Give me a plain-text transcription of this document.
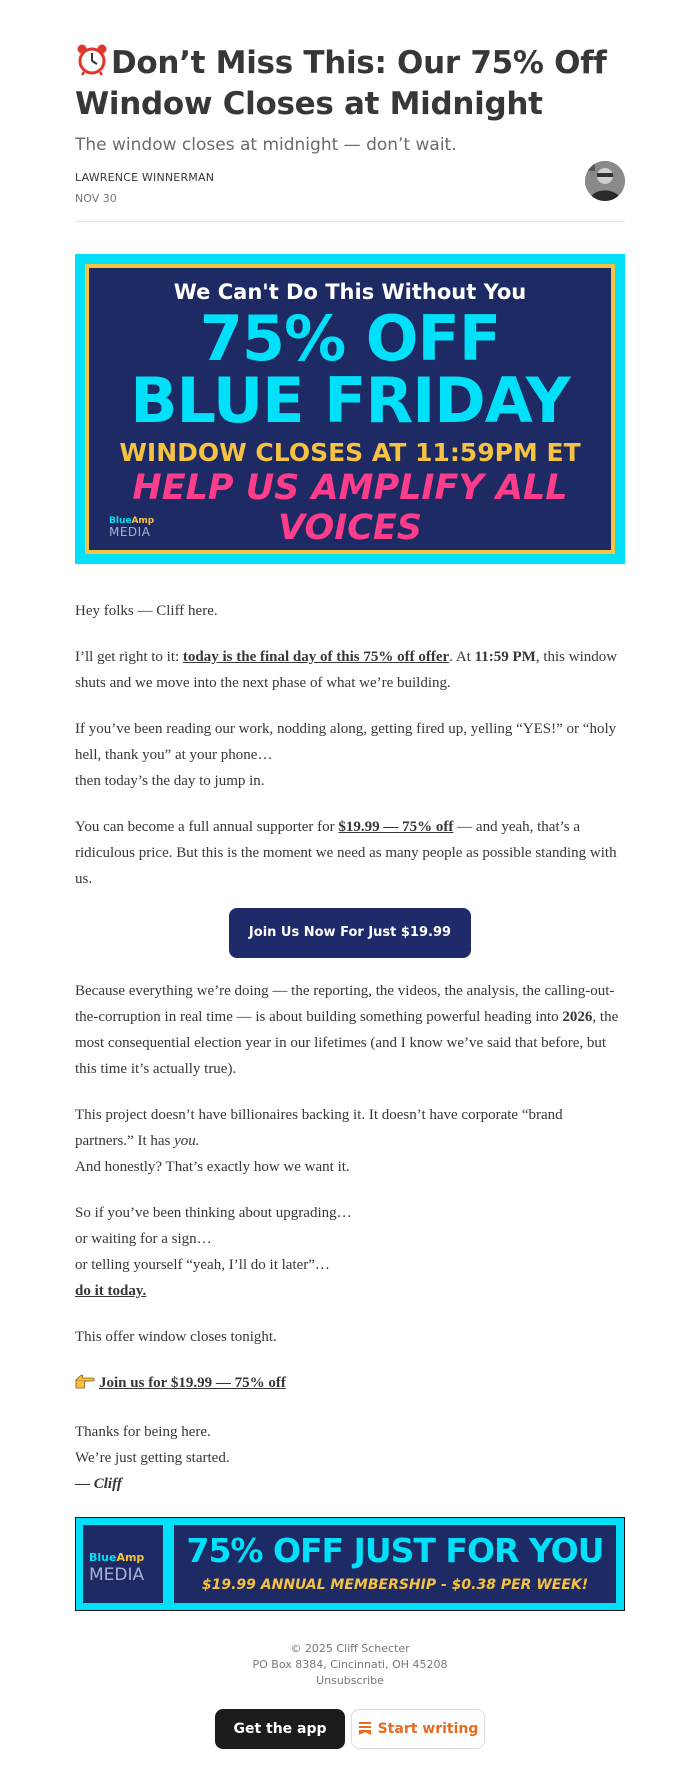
Don’t Miss This: Our 75% Off Window Closes at Midnight

The window closes at midnight — don’t wait.

LAWRENCE WINNERMAN
NOV 30
We Can't Do This Without You
75% OFF
BLUE FRIDAY
WINDOW CLOSES AT 11:59PM ET
HELP US AMPLIFY ALL VOICES
BlueAmp
MEDIA

Hey folks — Cliff here.

I’ll get right to it: today is the final day of this 75% off offer. At 11:59 PM, this window shuts and we move into the next phase of what we’re building.

If you’ve been reading our work, nodding along, getting fired up, yelling “YES!” or “holy hell, thank you” at your phone…
then today’s the day to jump in.

You can become a full annual supporter for $19.99 — 75% off — and yeah, that’s a ridiculous price. But this is the moment we need as many people as possible standing with us.

Join Us Now For Just $19.99

Because everything we’re doing — the reporting, the videos, the analysis, the calling-out-the-corruption in real time — is about building something powerful heading into 2026, the most consequential election year in our lifetimes (and I know we’ve said that before, but this time it’s actually true).

This project doesn’t have billionaires backing it. It doesn’t have corporate “brand partners.” It has you.
And honestly? That’s exactly how we want it.

So if you’ve been thinking about upgrading…
or waiting for a sign…
or telling yourself “yeah, I’ll do it later”…
do it today.

This offer window closes tonight.

Join us for $19.99 — 75% off

Thanks for being here.
We’re just getting started.
— Cliff

BlueAmp
MEDIA
75% OFF JUST FOR YOU
$19.99 ANNUAL MEMBERSHIP - $0.38 PER WEEK!
© 2025 Cliff Schecter
PO Box 8384, Cincinnati, OH 45208
Unsubscribe
Get the app	Start writing
